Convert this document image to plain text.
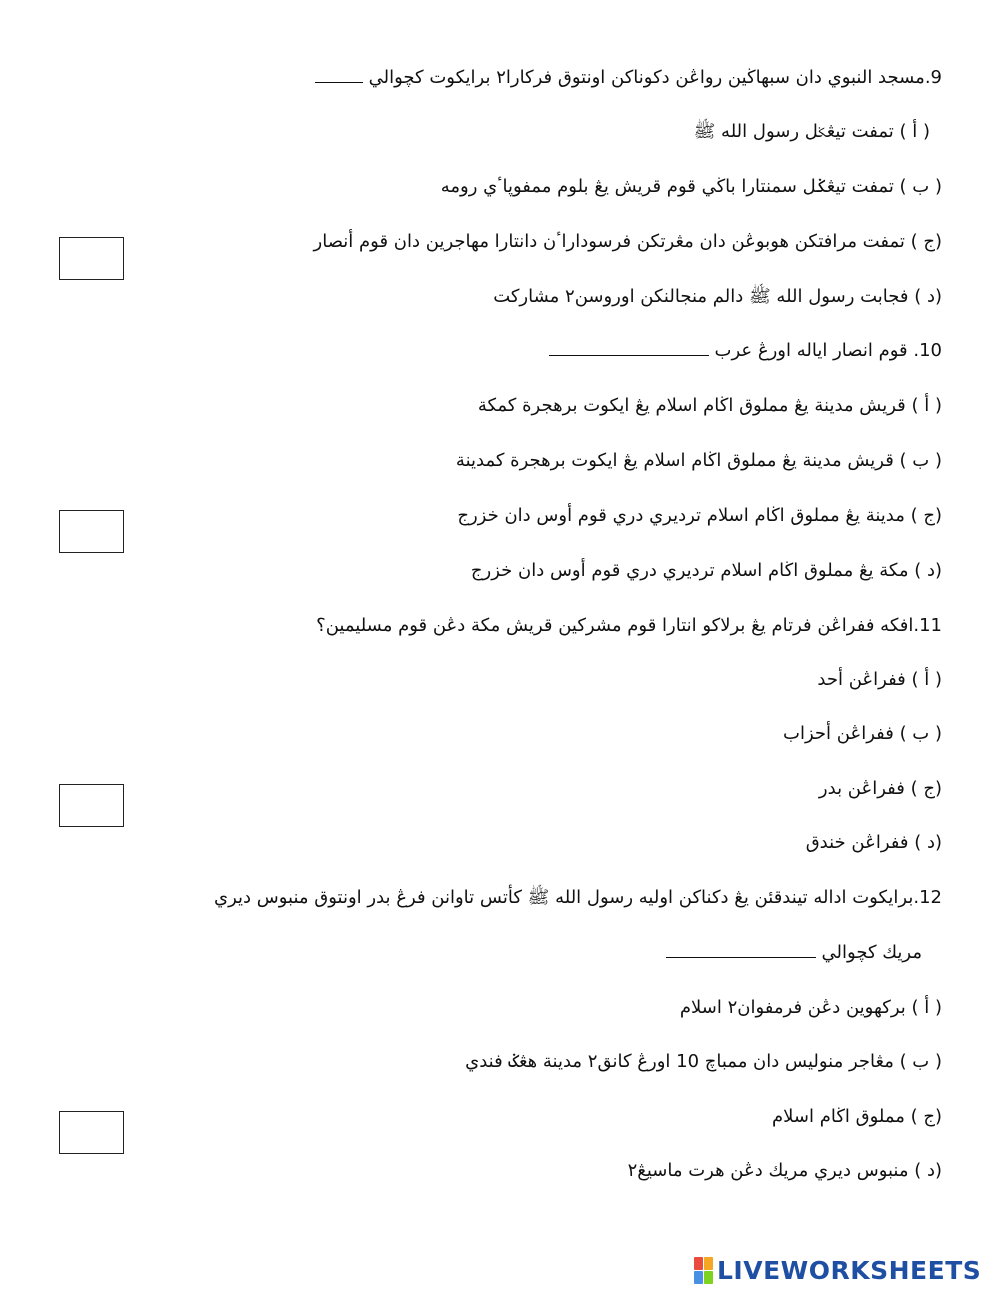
9.مسجد النبوي دان سبهاڬين رواڠن دكوناكن اونتوق فركارا٢ برايكوت كچوالي
( أ ) تمفت تيڠݢل رسول الله ﷺ
( ب ) تمفت تيڠݢل سمنتارا باڬي قوم قريش يڠ بلوم ممفوڽاٴي رومه
(ج ) تمفت مرافتكن هوبوڠن دان مڠرتكن فرسوداراٴن دانتارا مهاجرين دان قوم أنصار
(د ) فجابت رسول الله ﷺ دالم منجالنكن اوروسن٢ مشاركت
10. قوم انصار اياله اورڠ عرب
( أ ) قريش مدينة يڠ مملوق اڬام اسلام يڠ ايكوت برهجرة كمكة
( ب ) قريش مدينة يڠ مملوق اڬام اسلام يڠ ايكوت برهجرة كمدينة
(ج ) مدينة يڠ مملوق اڬام اسلام ترديري دري قوم أوس دان خزرج
(د ) مكة يڠ مملوق اڬام اسلام ترديري دري قوم أوس دان خزرج
11.افكه ففراڠن فرتام يڠ برلاكو انتارا قوم مشركين قريش مكة دڠن قوم مسليمين؟
( أ ) ففراڠن أحد
( ب ) ففراڠن أحزاب
(ج ) ففراڠن بدر
(د ) ففراڠن خندق
12.برايكوت اداله تيندقئن يڠ دكناكن اوليه رسول الله ﷺ كأتس تاوانن فرڠ بدر اونتوق منبوس ديري
مريك كچوالي
( أ ) بركهوين دڠن فرمفوان٢ اسلام
( ب ) مڠاجر منوليس دان ممباچ 10 اورڠ كانق٢ مدينة هڠݢ فندي
(ج ) مملوق اڬام اسلام
(د ) منبوس ديري مريك دڠن هرت ماسيڠ٢
LIVEWORKSHEETS
